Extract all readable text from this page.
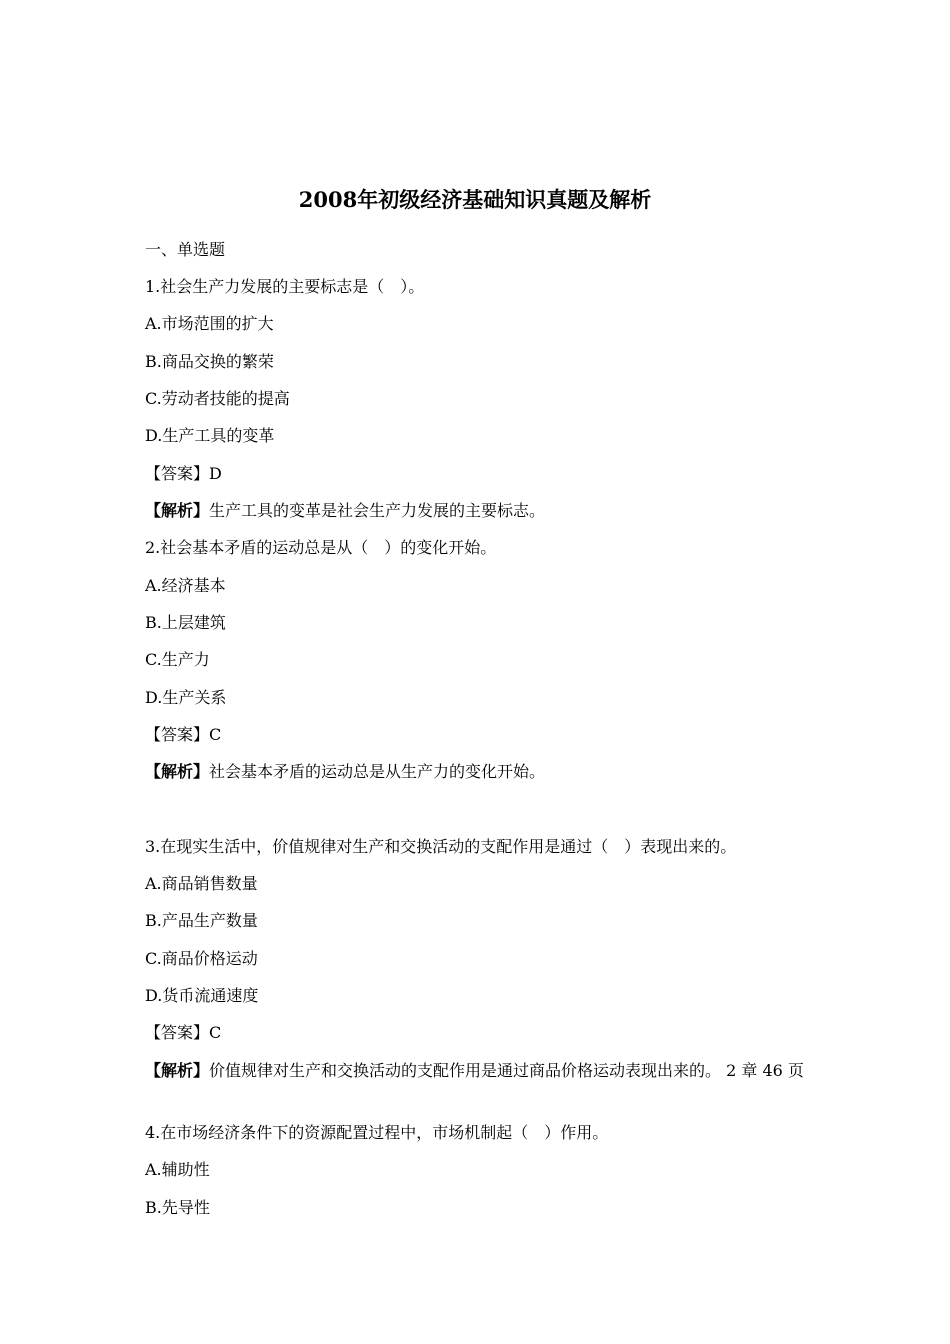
2008年初级经济基础知识真题及解析
一、单选题
1.社会生产力发展的主要标志是（　）。
A.市场范围的扩大
B.商品交换的繁荣
C.劳动者技能的提高
D.生产工具的变革
【答案】D
【解析】生产工具的变革是社会生产力发展的主要标志。
2.社会基本矛盾的运动总是从（　）的变化开始。
A.经济基本
B.上层建筑
C.生产力
D.生产关系
【答案】C
【解析】社会基本矛盾的运动总是从生产力的变化开始。
3.在现实生活中，价值规律对生产和交换活动的支配作用是通过（　）表现出来的。
A.商品销售数量
B.产品生产数量
C.商品价格运动
D.货币流通速度
【答案】C
【解析】价值规律对生产和交换活动的支配作用是通过商品价格运动表现出来的。 2 章 46 页
4.在市场经济条件下的资源配置过程中，市场机制起（　）作用。
A.辅助性
B.先导性
